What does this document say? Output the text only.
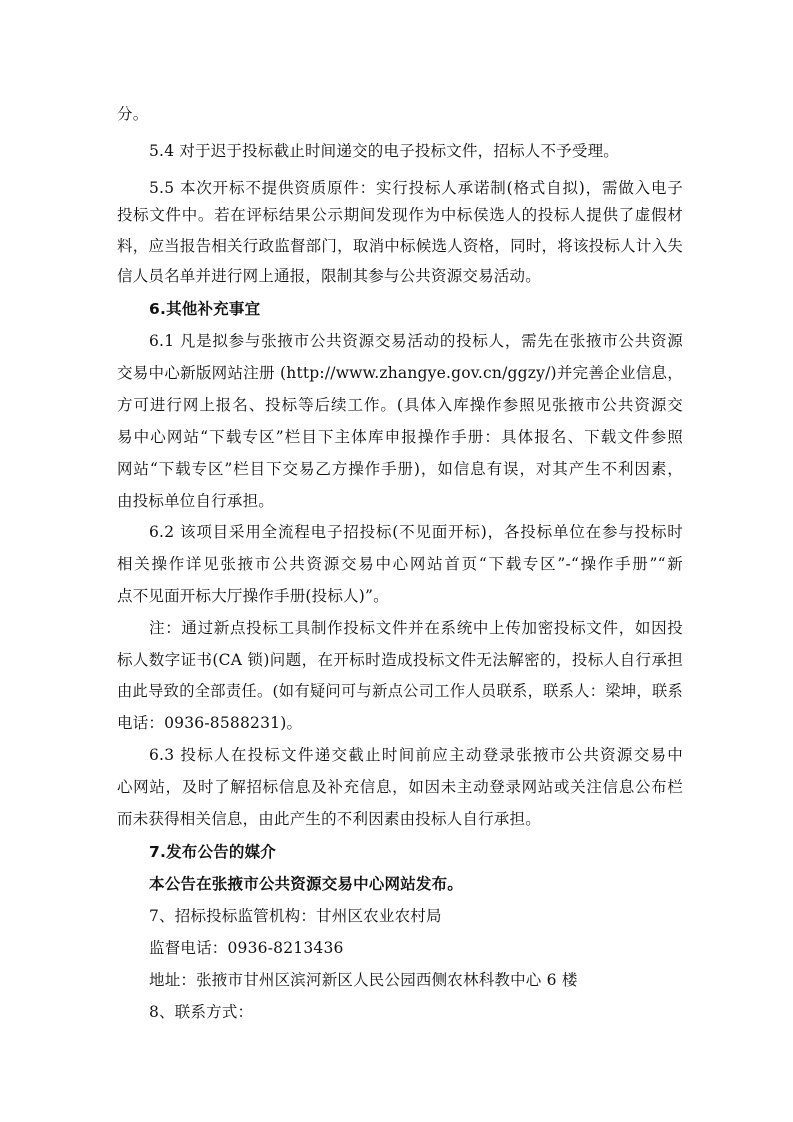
分。
5.4 对于迟于投标截止时间递交的电子投标文件，招标人不予受理。
5.5 本次开标不提供资质原件：实行投标人承诺制(格式自拟)，需做入电子
投标文件中。若在评标结果公示期间发现作为中标侯选人的投标人提供了虚假材
料，应当报告相关行政监督部门，取消中标候选人资格，同时，将该投标人计入失
信人员名单并进行网上通报，限制其参与公共资源交易活动。
6.其他补充事宜
6.1 凡是拟参与张掖市公共资源交易活动的投标人，需先在张掖市公共资源
交易中心新版网站注册 (http://www.zhangye.gov.cn/ggzy/)并完善企业信息，
方可进行网上报名、投标等后续工作。(具体入库操作参照见张掖市公共资源交
易中心网站“下载专区”栏目下主体库申报操作手册：具体报名、下载文件参照
网站“下载专区”栏目下交易乙方操作手册)，如信息有误，对其产生不利因素，
由投标单位自行承担。
6.2 该项目采用全流程电子招投标(不见面开标)，各投标单位在参与投标时
相关操作详见张掖市公共资源交易中心网站首页“下载专区”-“操作手册”“新
点不见面开标大厅操作手册(投标人)”。
注：通过新点投标工具制作投标文件并在系统中上传加密投标文件，如因投
标人数字证书(CA 锁)问题，在开标时造成投标文件无法解密的，投标人自行承担
由此导致的全部责任。(如有疑问可与新点公司工作人员联系，联系人：梁坤，联系
电话：0936-8588231)。
6.3 投标人在投标文件递交截止时间前应主动登录张掖市公共资源交易中
心网站，及时了解招标信息及补充信息，如因未主动登录网站或关注信息公布栏
而未获得相关信息，由此产生的不利因素由投标人自行承担。
7.发布公告的媒介
本公告在张掖市公共资源交易中心网站发布。
7、招标投标监管机构：甘州区农业农村局
监督电话：0936-8213436
地址：张掖市甘州区滨河新区人民公园西侧农林科教中心 6 楼
8、联系方式：
